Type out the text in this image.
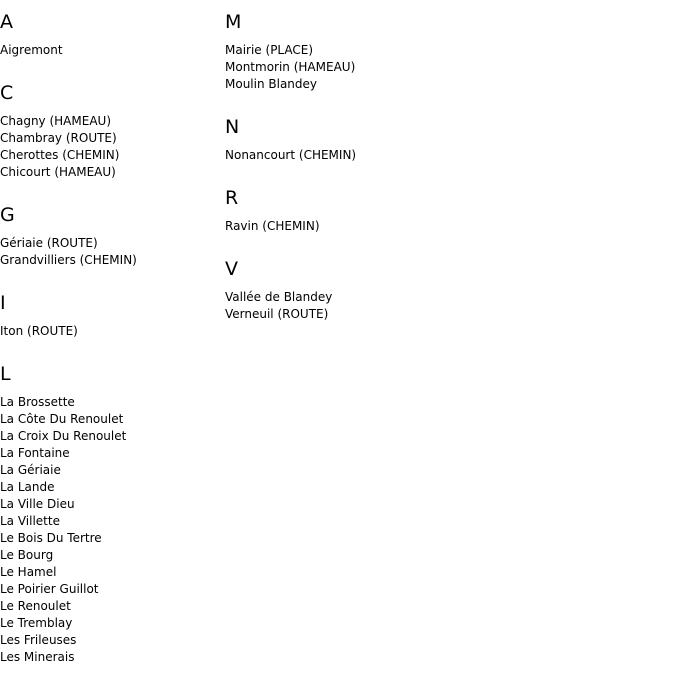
A
Aigremont
C
Chagny (HAMEAU)
Chambray (ROUTE)
Cherottes (CHEMIN)
Chicourt (HAMEAU)
G
Gériaie (ROUTE)
Grandvilliers (CHEMIN)
I
Iton (ROUTE)
L
La Brossette
La Côte Du Renoulet
La Croix Du Renoulet
La Fontaine
La Gériaie
La Lande
La Ville Dieu
La Villette
Le Bois Du Tertre
Le Bourg
Le Hamel
Le Poirier Guillot
Le Renoulet
Le Tremblay
Les Frileuses
Les Minerais
M
Mairie (PLACE)
Montmorin (HAMEAU)
Moulin Blandey
N
Nonancourt (CHEMIN)
R
Ravin (CHEMIN)
V
Vallée de Blandey
Verneuil (ROUTE)
